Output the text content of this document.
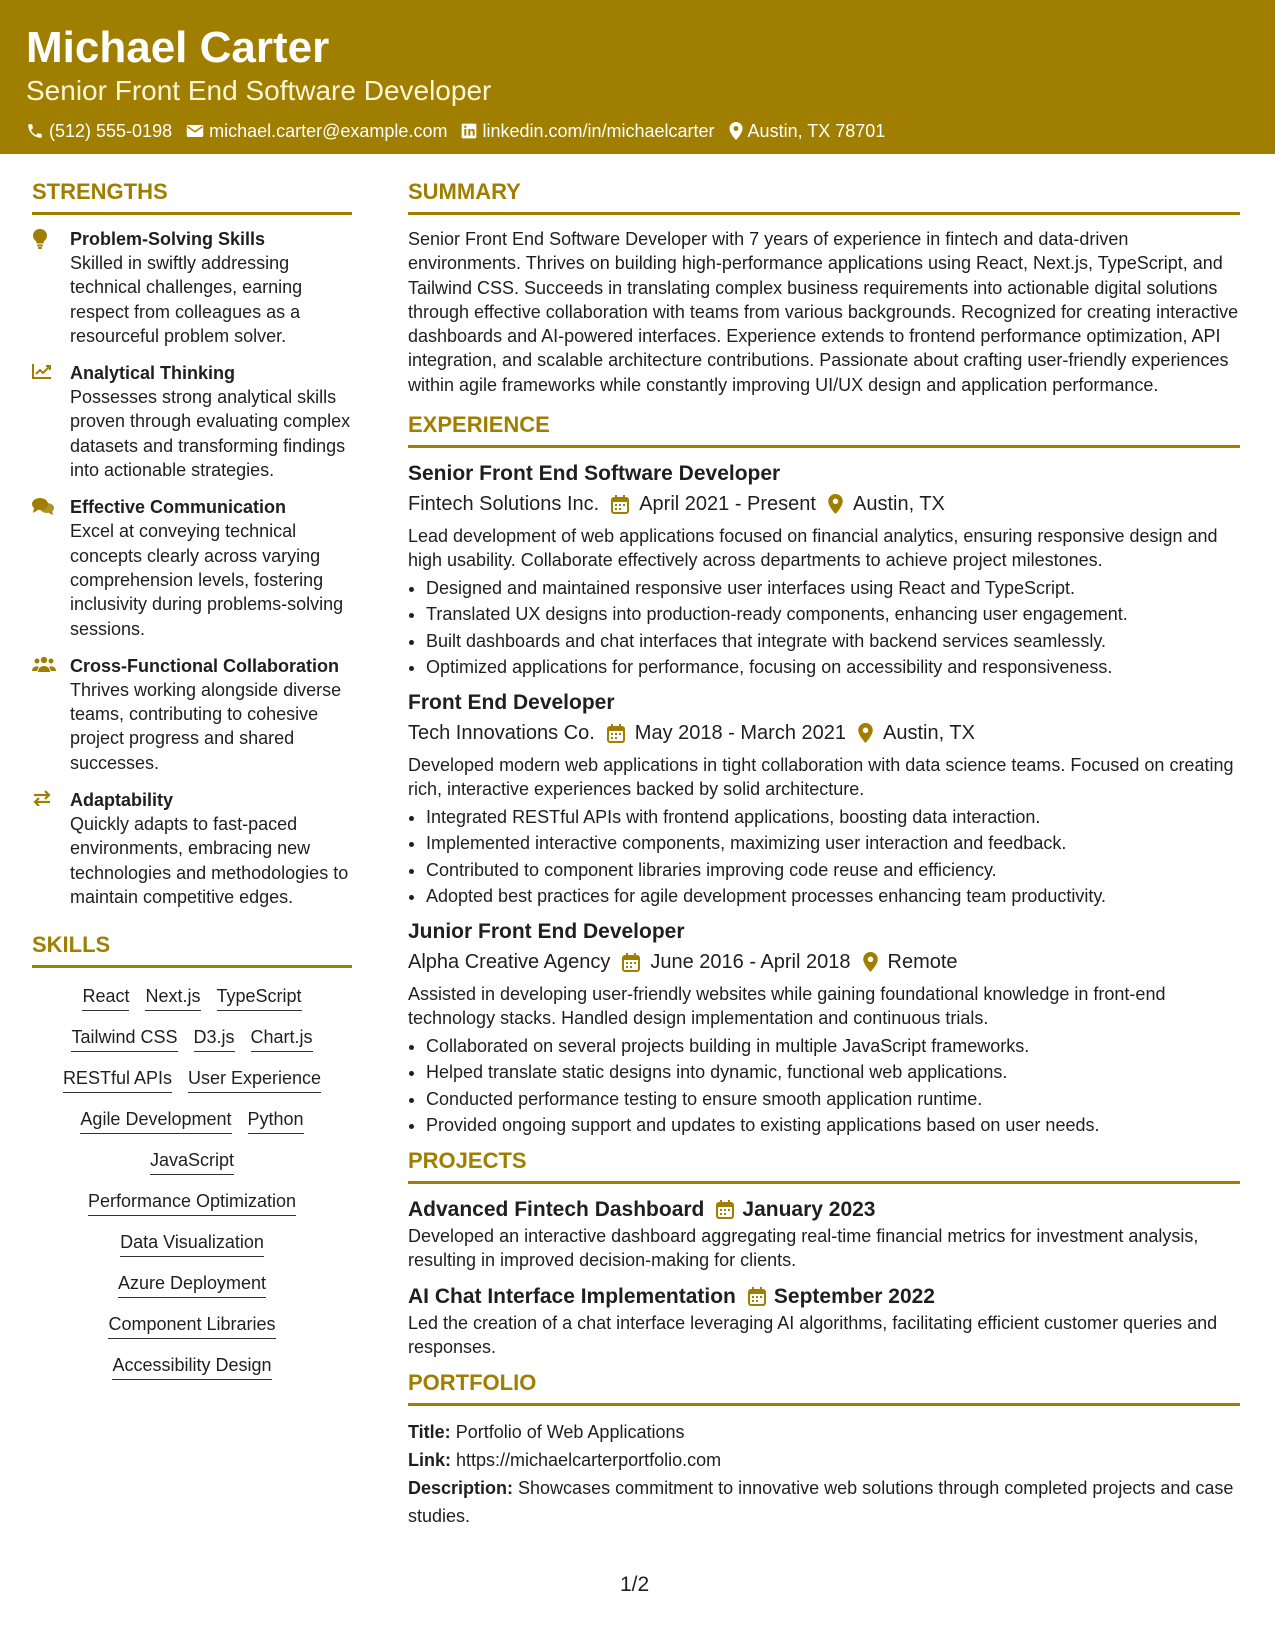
Michael Carter
Senior Front End Software Developer
(512) 555-0198 michael.carter@example.com linkedin.com/in/michaelcarter Austin, TX 78701
STRENGTHS
Problem-Solving Skills
Skilled in swiftly addressing technical challenges, earning respect from colleagues as a resourceful problem solver.
Analytical Thinking
Possesses strong analytical skills proven through evaluating complex datasets and transforming findings into actionable strategies.
Effective Communication
Excel at conveying technical concepts clearly across varying comprehension levels, fostering inclusivity during problems-solving sessions.
Cross-Functional Collaboration
Thrives working alongside diverse teams, contributing to cohesive project progress and shared successes.
Adaptability
Quickly adapts to fast-paced environments, embracing new technologies and methodologies to maintain competitive edges.
SKILLS
React Next.js TypeScript
Tailwind CSS D3.js Chart.js
RESTful APIs User Experience
Agile Development Python
JavaScript
Performance Optimization
Data Visualization
Azure Deployment
Component Libraries
Accessibility Design
SUMMARY

Senior Front End Software Developer with 7 years of experience in fintech and data-driven environments. Thrives on building high-performance applications using React, Next.js, TypeScript, and Tailwind CSS. Succeeds in translating complex business requirements into actionable digital solutions through effective collaboration with teams from various backgrounds. Recognized for creating interactive dashboards and AI-powered interfaces. Experience extends to frontend performance optimization, API integration, and scalable architecture contributions. Passionate about crafting user-friendly experiences within agile frameworks while constantly improving UI/UX design and application performance.

EXPERIENCE
Senior Front End Software Developer
Fintech Solutions Inc. April 2021 - Present Austin, TX

Lead development of web applications focused on financial analytics, ensuring responsive design and high usability. Collaborate effectively across departments to achieve project milestones.

• Designed and maintained responsive user interfaces using React and TypeScript.
• Translated UX designs into production-ready components, enhancing user engagement.
• Built dashboards and chat interfaces that integrate with backend services seamlessly.
• Optimized applications for performance, focusing on accessibility and responsiveness.
Front End Developer
Tech Innovations Co. May 2018 - March 2021 Austin, TX

Developed modern web applications in tight collaboration with data science teams. Focused on creating rich, interactive experiences backed by solid architecture.

• Integrated RESTful APIs with frontend applications, boosting data interaction.
• Implemented interactive components, maximizing user interaction and feedback.
• Contributed to component libraries improving code reuse and efficiency.
• Adopted best practices for agile development processes enhancing team productivity.
Junior Front End Developer
Alpha Creative Agency June 2016 - April 2018 Remote

Assisted in developing user-friendly websites while gaining foundational knowledge in front-end technology stacks. Handled design implementation and continuous trials.

• Collaborated on several projects building in multiple JavaScript frameworks.
• Helped translate static designs into dynamic, functional web applications.
• Conducted performance testing to ensure smooth application runtime.
• Provided ongoing support and updates to existing applications based on user needs.
PROJECTS
Advanced Fintech Dashboard January 2023

Developed an interactive dashboard aggregating real-time financial metrics for investment analysis, resulting in improved decision-making for clients.

AI Chat Interface Implementation September 2022

Led the creation of a chat interface leveraging AI algorithms, facilitating efficient customer queries and responses.

PORTFOLIO
Title: Portfolio of Web Applications
Link: https://michaelcarterportfolio.com
Description: Showcases commitment to innovative web solutions through completed projects and case studies.
1/2
